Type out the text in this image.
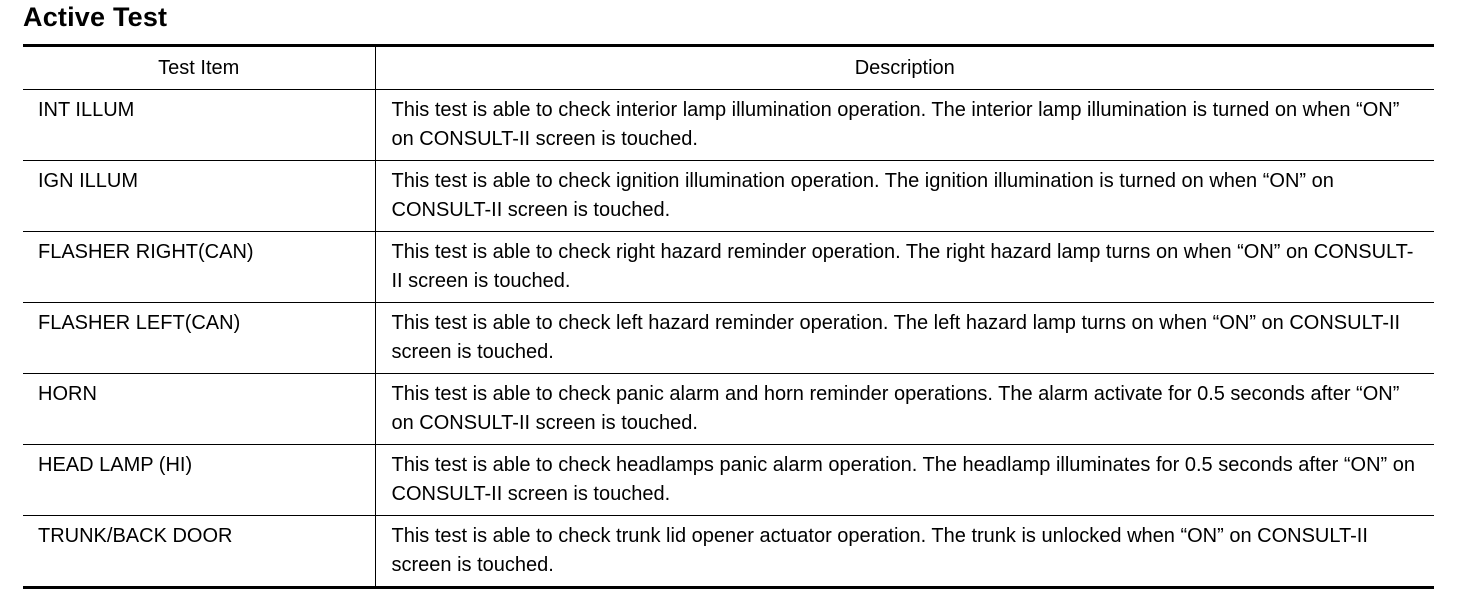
Active Test
Test Item	Description
INT ILLUM	This test is able to check interior lamp illumination operation. The interior lamp illumination is turned on when “ON” on CONSULT-II screen is touched.
IGN ILLUM	This test is able to check ignition illumination operation. The ignition illumination is turned on when “ON” on CONSULT-II screen is touched.
FLASHER RIGHT(CAN)	This test is able to check right hazard reminder operation. The right hazard lamp turns on when “ON” on CONSULT-II screen is touched.
FLASHER LEFT(CAN)	This test is able to check left hazard reminder operation. The left hazard lamp turns on when “ON” on CONSULT-II screen is touched.
HORN	This test is able to check panic alarm and horn reminder operations. The alarm activate for 0.5 seconds after “ON” on CONSULT-II screen is touched.
HEAD LAMP (HI)	This test is able to check headlamps panic alarm operation. The headlamp illuminates for 0.5 seconds after “ON” on CONSULT-II screen is touched.
TRUNK/BACK DOOR	This test is able to check trunk lid opener actuator operation. The trunk is unlocked when “ON” on CONSULT-II screen is touched.
